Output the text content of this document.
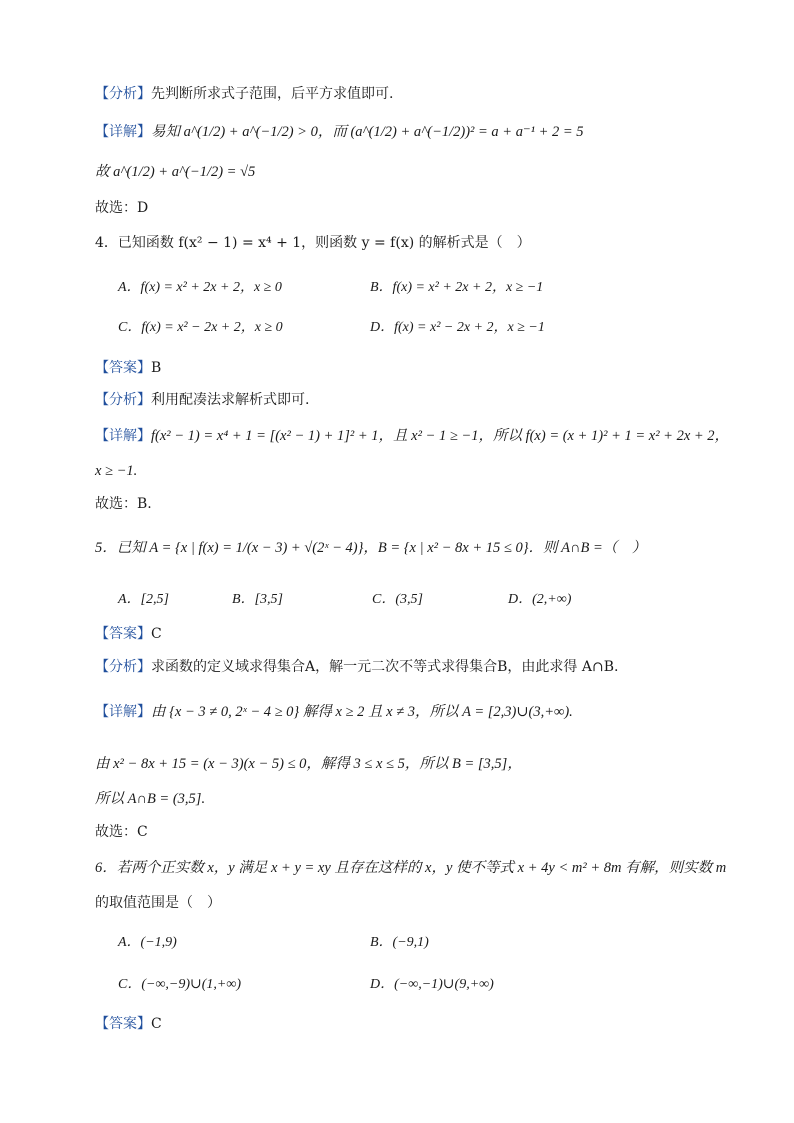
【分析】先判断所求式子范围，后平方求值即可.
【详解】易知 a^(1/2) + a^(−1/2) > 0，而 (a^(1/2) + a^(−1/2))² = a + a⁻¹ + 2 = 5
故 a^(1/2) + a^(−1/2) = √5
故选：D
4．已知函数 f(x² − 1) = x⁴ + 1，则函数 y = f(x) 的解析式是（　）
A．f(x) = x² + 2x + 2，x ≥ 0	B．f(x) = x² + 2x + 2，x ≥ −1
C．f(x) = x² − 2x + 2，x ≥ 0	D．f(x) = x² − 2x + 2，x ≥ −1
【答案】B
【分析】利用配凑法求解析式即可.
【详解】f(x² − 1) = x⁴ + 1 = [(x² − 1) + 1]² + 1，且 x² − 1 ≥ −1，所以 f(x) = (x + 1)² + 1 = x² + 2x + 2，
x ≥ −1.
故选：B.
5．已知 A = {x | f(x) = 1/(x − 3) + √(2ˣ − 4)}，B = {x | x² − 8x + 15 ≤ 0}．则 A∩B =（　）
A．[2,5]	B．[3,5]	C．(3,5]	D．(2,+∞)
【答案】C
【分析】求函数的定义域求得集合A，解一元二次不等式求得集合B，由此求得 A∩B.
【详解】由 {x − 3 ≠ 0, 2ˣ − 4 ≥ 0} 解得 x ≥ 2 且 x ≠ 3，所以 A = [2,3)∪(3,+∞).
由 x² − 8x + 15 = (x − 3)(x − 5) ≤ 0，解得 3 ≤ x ≤ 5，所以 B = [3,5]，
所以 A∩B = (3,5].
故选：C
6．若两个正实数 x，y 满足 x + y = xy 且存在这样的 x，y 使不等式 x + 4y < m² + 8m 有解，则实数 m
的取值范围是（　）
A．(−1,9)	B．(−9,1)
C．(−∞,−9)∪(1,+∞)	D．(−∞,−1)∪(9,+∞)
【答案】C
